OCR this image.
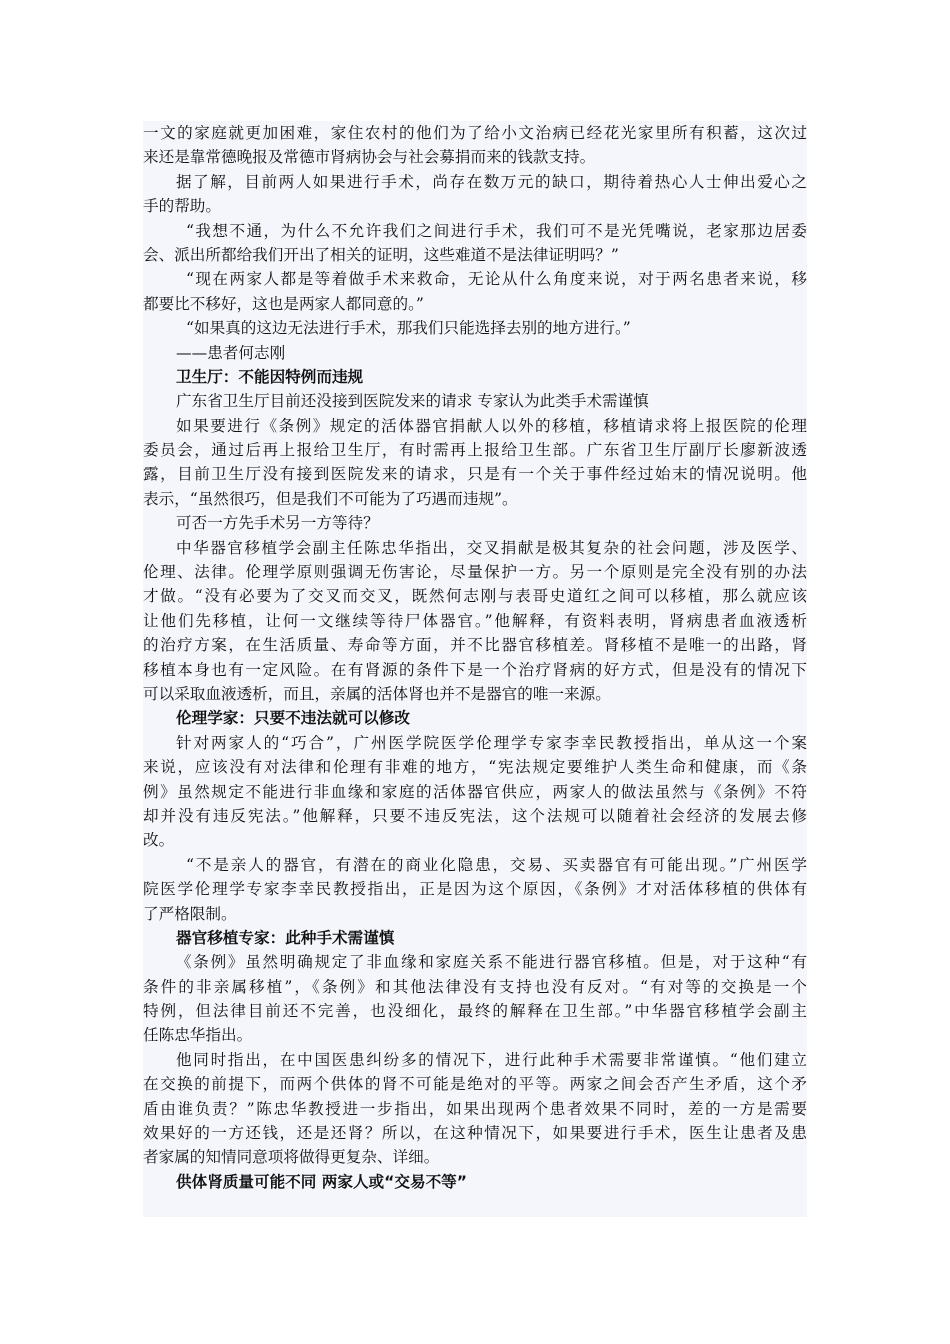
一文的家庭就更加困难，家住农村的他们为了给小文治病已经花光家里所有积蓄，这次过
来还是靠常德晚报及常德市肾病协会与社会募捐而来的钱款支持。
据了解，目前两人如果进行手术，尚存在数万元的缺口，期待着热心人士伸出爱心之
手的帮助。
“我想不通，为什么不允许我们之间进行手术，我们可不是光凭嘴说，老家那边居委
会、派出所都给我们开出了相关的证明，这些难道不是法律证明吗？”
“现在两家人都是等着做手术来救命，无论从什么角度来说，对于两名患者来说，移
都要比不移好，这也是两家人都同意的。”
“如果真的这边无法进行手术，那我们只能选择去别的地方进行。”
——患者何志刚
卫生厅：不能因特例而违规
广东省卫生厅目前还没接到医院发来的请求 专家认为此类手术需谨慎
如果要进行《条例》规定的活体器官捐献人以外的移植，移植请求将上报医院的伦理
委员会，通过后再上报给卫生厅，有时需再上报给卫生部。广东省卫生厅副厅长廖新波透
露，目前卫生厅没有接到医院发来的请求，只是有一个关于事件经过始末的情况说明。他
表示，“虽然很巧，但是我们不可能为了巧遇而违规”。
可否一方先手术另一方等待？
中华器官移植学会副主任陈忠华指出，交叉捐献是极其复杂的社会问题，涉及医学、
伦理、法律。伦理学原则强调无伤害论，尽量保护一方。另一个原则是完全没有别的办法
才做。“没有必要为了交叉而交叉，既然何志刚与表哥史道红之间可以移植，那么就应该
让他们先移植，让何一文继续等待尸体器官。”他解释，有资料表明，肾病患者血液透析
的治疗方案，在生活质量、寿命等方面，并不比器官移植差。肾移植不是唯一的出路，肾
移植本身也有一定风险。在有肾源的条件下是一个治疗肾病的好方式，但是没有的情况下
可以采取血液透析，而且，亲属的活体肾也并不是器官的唯一来源。
伦理学家：只要不违法就可以修改
针对两家人的“巧合”，广州医学院医学伦理学专家李幸民教授指出，单从这一个案
来说，应该没有对法律和伦理有非难的地方，“宪法规定要维护人类生命和健康，而《条
例》虽然规定不能进行非血缘和家庭的活体器官供应，两家人的做法虽然与《条例》不符
却并没有违反宪法。”他解释，只要不违反宪法，这个法规可以随着社会经济的发展去修
改。
“不是亲人的器官，有潜在的商业化隐患，交易、买卖器官有可能出现。”广州医学
院医学伦理学专家李幸民教授指出，正是因为这个原因，《条例》才对活体移植的供体有
了严格限制。
器官移植专家：此种手术需谨慎
《条例》虽然明确规定了非血缘和家庭关系不能进行器官移植。但是，对于这种“有
条件的非亲属移植”，《条例》和其他法律没有支持也没有反对。“有对等的交换是一个
特例，但法律目前还不完善，也没细化，最终的解释在卫生部。”中华器官移植学会副主
任陈忠华指出。
他同时指出，在中国医患纠纷多的情况下，进行此种手术需要非常谨慎。“他们建立
在交换的前提下，而两个供体的肾不可能是绝对的平等。两家之间会否产生矛盾，这个矛
盾由谁负责？”陈忠华教授进一步指出，如果出现两个患者效果不同时，差的一方是需要
效果好的一方还钱，还是还肾？所以，在这种情况下，如果要进行手术，医生让患者及患
者家属的知情同意项将做得更复杂、详细。
供体肾质量可能不同 两家人或“交易不等”
